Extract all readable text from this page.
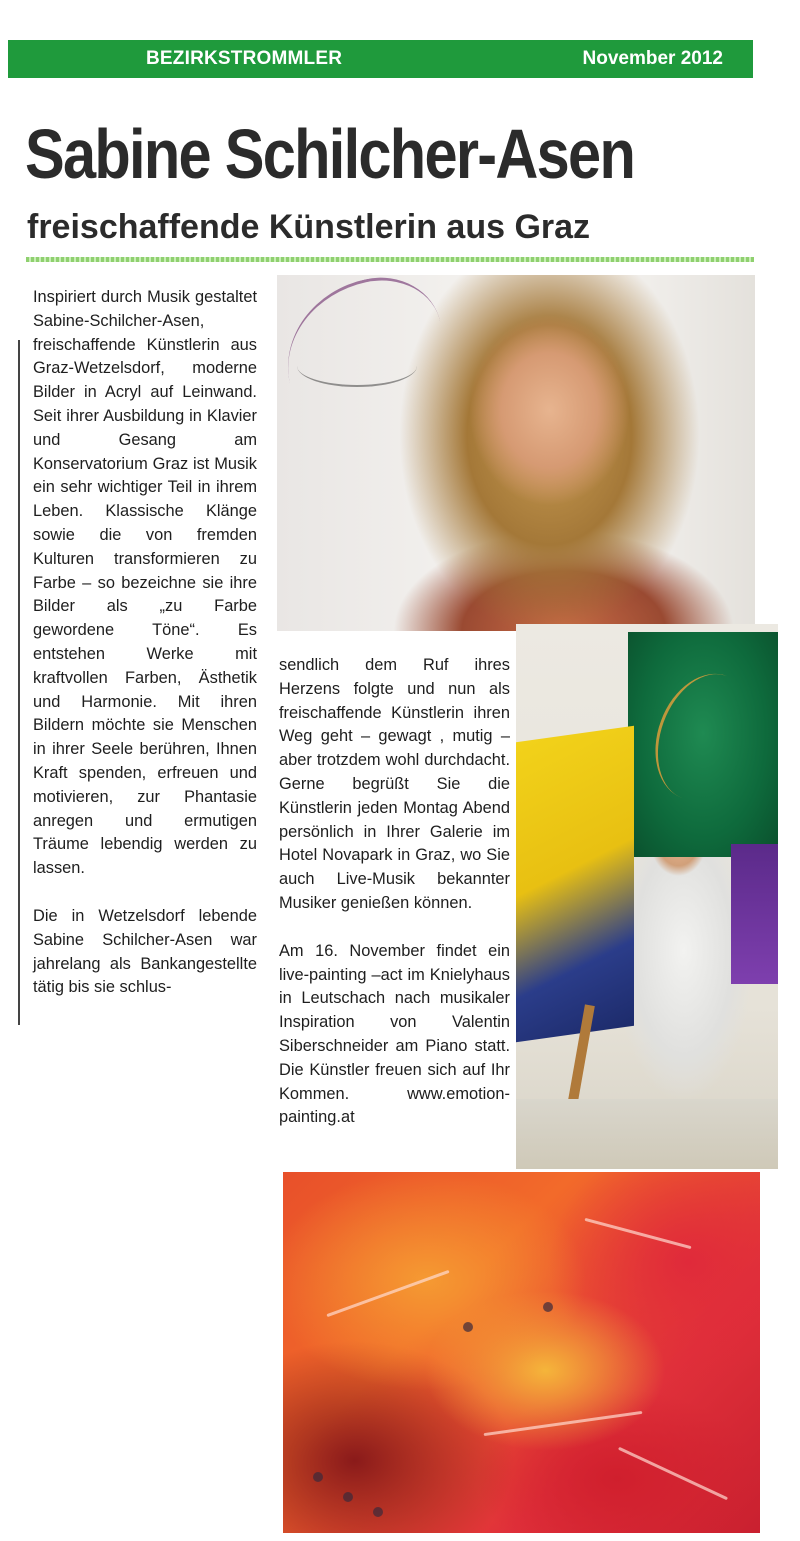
BEZIRKSTROMMLER	November 2012
Sabine Schilcher-Asen
freischaffende Künstlerin aus Graz

Inspiriert durch Musik gestaltet Sabine-Schilcher-Asen, freischaffende Künstlerin aus Graz-Wetzelsdorf, moderne Bilder in Acryl auf Leinwand. Seit ihrer Ausbildung in Klavier und Gesang am Konservatorium Graz ist Musik ein sehr wichtiger Teil in ihrem Leben. Klassische Klänge sowie die von fremden Kulturen transformieren zu Farbe – so bezeichne sie ihre Bilder als „zu Farbe gewordene Töne“. Es entstehen Werke mit kraftvollen Farben, Ästhetik und Harmonie. Mit ihren Bildern möchte sie Menschen in ihrer Seele berühren, Ihnen Kraft spenden, erfreuen und motivieren, zur Phantasie anregen und ermutigen Träume lebendig werden zu lassen.

Die in Wetzelsdorf lebende Sabine Schilcher-Asen war jahrelang als Bankangestellte tätig bis sie schlus-

sendlich dem Ruf ihres Herzens folgte und nun als freischaffende Künstlerin ihren Weg geht – gewagt , mutig – aber trotzdem wohl durchdacht. Gerne begrüßt Sie die Künstlerin jeden Montag Abend persönlich in Ihrer Galerie im Hotel Novapark in Graz, wo Sie auch Live-Musik bekannter Musiker genießen können.

Am 16. November findet ein live-painting –act im Knielyhaus in Leutschach nach musikaler Inspiration von Valentin Siberschneider am Piano statt. Die Künstler freuen sich auf Ihr Kommen. www.emotion-painting.at
